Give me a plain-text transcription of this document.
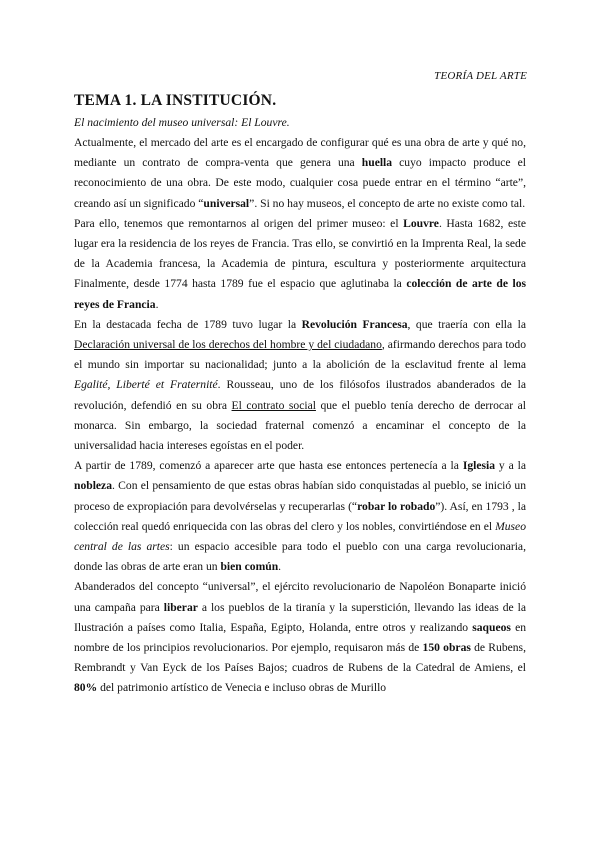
TEORÍA DEL ARTE
TEMA 1. LA INSTITUCIÓN.
El nacimiento del museo universal: El Louvre.

Actualmente, el mercado del arte es el encargado de configurar qué es una obra de arte y qué no, mediante un contrato de compra-venta que genera una huella cuyo impacto produce el reconocimiento de una obra. De este modo, cualquier cosa puede entrar en el término “arte”, creando así un significado “universal”. Si no hay museos, el concepto de arte no existe como tal.

Para ello, tenemos que remontarnos al origen del primer museo: el Louvre. Hasta 1682, este lugar era la residencia de los reyes de Francia. Tras ello, se convirtió en la Imprenta Real, la sede de la Academia francesa, la Academia de pintura, escultura y posteriormente arquitectura Finalmente, desde 1774 hasta 1789 fue el espacio que aglutinaba la colección de arte de los reyes de Francia.

En la destacada fecha de 1789 tuvo lugar la Revolución Francesa, que traería con ella la Declaración universal de los derechos del hombre y del ciudadano, afirmando derechos para todo el mundo sin importar su nacionalidad; junto a la abolición de la esclavitud frente al lema Egalité, Liberté et Fraternité. Rousseau, uno de los filósofos ilustrados abanderados de la revolución, defendió en su obra El contrato social que el pueblo tenía derecho de derrocar al monarca. Sin embargo, la sociedad fraternal comenzó a encaminar el concepto de la universalidad hacia intereses egoístas en el poder.

A partir de 1789, comenzó a aparecer arte que hasta ese entonces pertenecía a la Iglesia y a la nobleza. Con el pensamiento de que estas obras habían sido conquistadas al pueblo, se inició un proceso de expropiación para devolvérselas y recuperarlas (“robar lo robado”). Así, en 1793 , la colección real quedó enriquecida con las obras del clero y los nobles, convirtiéndose en el Museo central de las artes: un espacio accesible para todo el pueblo con una carga revolucionaria, donde las obras de arte eran un bien común.

Abanderados del concepto “universal”, el ejército revolucionario de Napoléon Bonaparte inició una campaña para liberar a los pueblos de la tiranía y la superstición, llevando las ideas de la Ilustración a países como Italia, España, Egipto, Holanda, entre otros y realizando saqueos en nombre de los principios revolucionarios. Por ejemplo, requisaron más de 150 obras de Rubens, Rembrandt y Van Eyck de los Países Bajos; cuadros de Rubens de la Catedral de Amiens, el 80% del patrimonio artístico de Venecia e incluso obras de Murillo
